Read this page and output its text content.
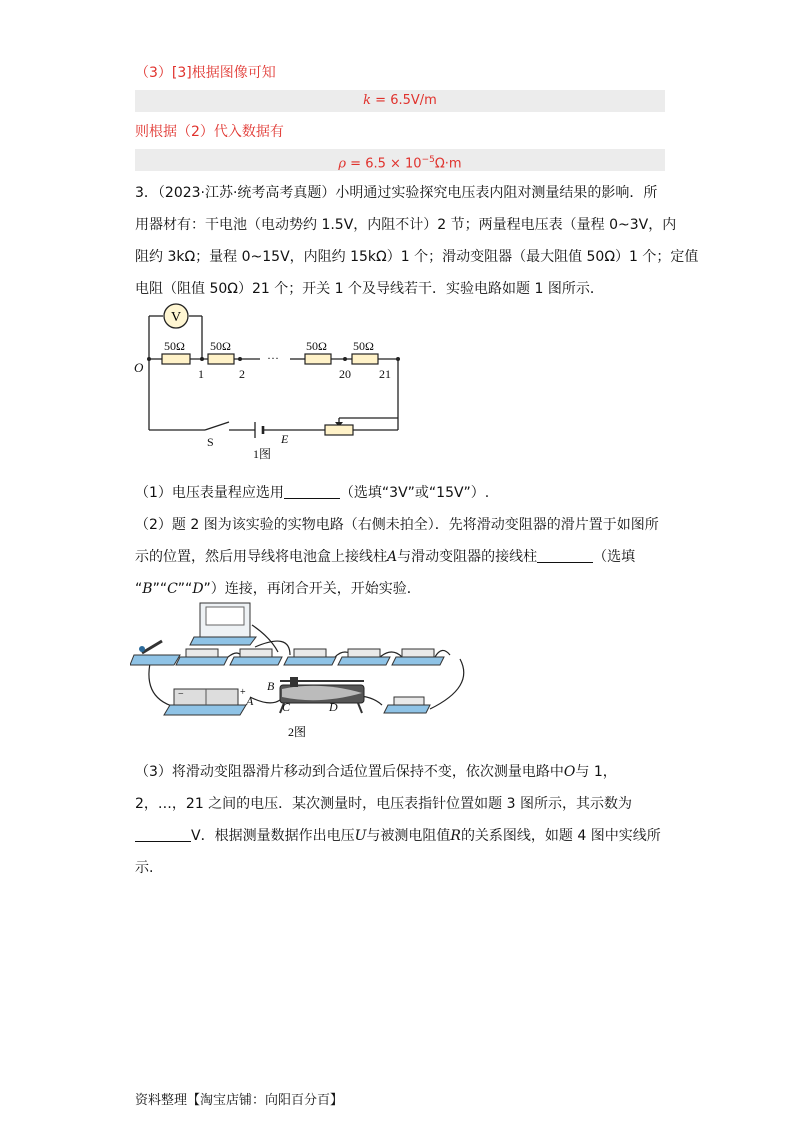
（3）[3]根据图像可知
k = 6.5V/m
则根据（2）代入数据有
$\rho = 6.5 \times 10^{-5}\Omega\cdot m$
3．（2023·江苏·统考高考真题）小明通过实验探究电压表内阻对测量结果的影响．所
用器材有：干电池（电动势约 1.5V，内阻不计）2 节；两量程电压表（量程 0~3V，内
阻约 3kΩ；量程 0~15V，内阻约 15kΩ）1 个；滑动变阻器（最大阻值 50Ω）1 个；定值
电阻（阻值 50Ω）21 个；开关 1 个及导线若干．实验电路如题 1 图所示．
V
50Ω 50Ω	50Ω 50Ω
O	1	2
···
20 21
S	E
1图
（1）电压表量程应选用	（选填“3V”或“15V”）.
（2）题 2 图为该实验的实物电路（右侧未拍全）．先将滑动变阻器的滑片置于如图所
示的位置，然后用导线将电池盒上接线柱A与滑动变阻器的接线柱	（选填
“B”“C”“D”）连接，再闭合开关，开始实验．
B
C	D
A
+
−
2图
（3）将滑动变阻器滑片移动到合适位置后保持不变，依次测量电路中O与 1，
2，…，21 之间的电压．某次测量时，电压表指针位置如题 3 图所示，其示数为
V．根据测量数据作出电压U与被测电阻值R的关系图线，如题 4 图中实线所
示.
资料整理【淘宝店铺：向阳百分百】
